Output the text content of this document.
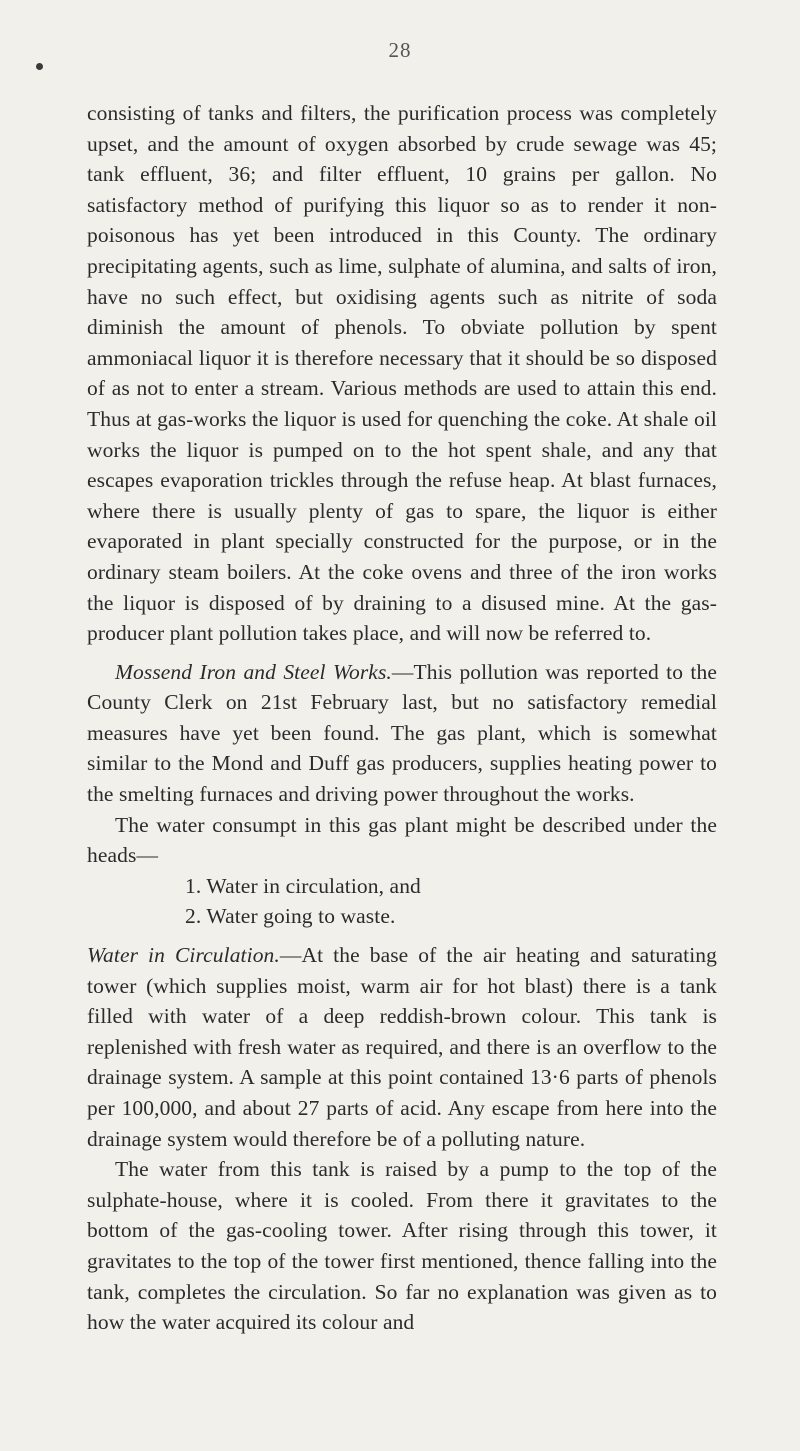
28

consisting of tanks and filters, the purification process was completely upset, and the amount of oxygen absorbed by crude sewage was 45; tank effluent, 36; and filter effluent, 10 grains per gallon. No satisfactory method of purifying this liquor so as to render it non-poisonous has yet been introduced in this County. The ordinary precipitating agents, such as lime, sulphate of alumina, and salts of iron, have no such effect, but oxidising agents such as nitrite of soda diminish the amount of phenols. To obviate pollution by spent ammoniacal liquor it is therefore necessary that it should be so disposed of as not to enter a stream. Various methods are used to attain this end. Thus at gas-works the liquor is used for quenching the coke. At shale oil works the liquor is pumped on to the hot spent shale, and any that escapes evaporation trickles through the refuse heap. At blast furnaces, where there is usually plenty of gas to spare, the liquor is either evaporated in plant specially constructed for the purpose, or in the ordinary steam boilers. At the coke ovens and three of the iron works the liquor is disposed of by draining to a disused mine. At the gas-producer plant pollution takes place, and will now be referred to.

Mossend Iron and Steel Works.—This pollution was reported to the County Clerk on 21st February last, but no satisfactory remedial measures have yet been found. The gas plant, which is somewhat similar to the Mond and Duff gas producers, supplies heating power to the smelting furnaces and driving power throughout the works.

The water consumpt in this gas plant might be described under the heads—

1. Water in circulation, and

2. Water going to waste.

Water in Circulation.—At the base of the air heating and saturating tower (which supplies moist, warm air for hot blast) there is a tank filled with water of a deep reddish-brown colour. This tank is replenished with fresh water as required, and there is an overflow to the drainage system. A sample at this point contained 13·6 parts of phenols per 100,000, and about 27 parts of acid. Any escape from here into the drainage system would therefore be of a polluting nature.

The water from this tank is raised by a pump to the top of the sulphate-house, where it is cooled. From there it gravitates to the bottom of the gas-cooling tower. After rising through this tower, it gravitates to the top of the tower first mentioned, thence falling into the tank, completes the circulation. So far no explanation was given as to how the water acquired its colour and
